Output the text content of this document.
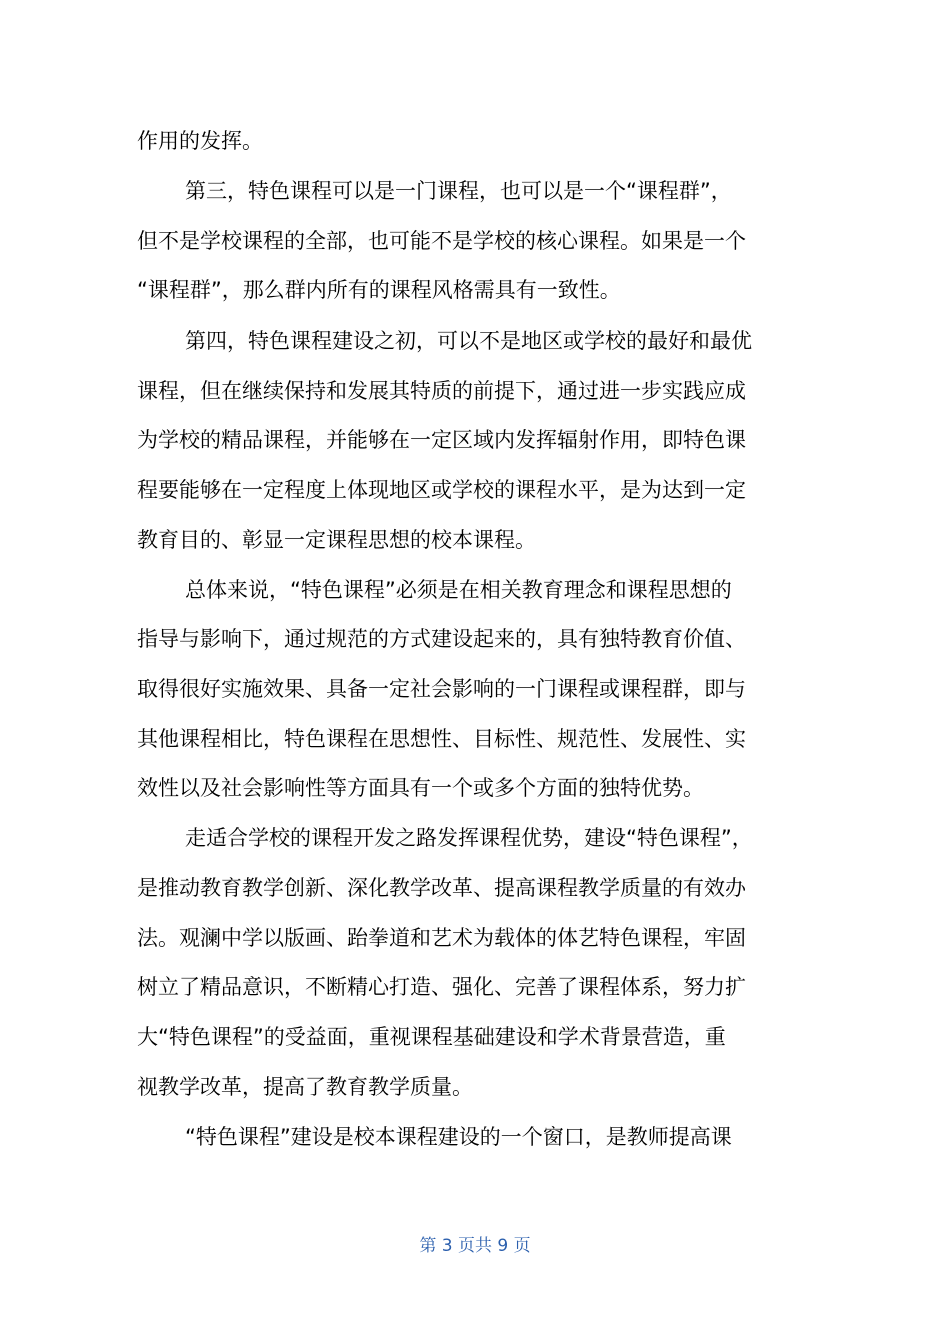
作用的发挥。
第三，特色课程可以是一门课程，也可以是一个“课程群”，
但不是学校课程的全部，也可能不是学校的核心课程。如果是一个
“课程群”，那么群内所有的课程风格需具有一致性。
第四，特色课程建设之初，可以不是地区或学校的最好和最优
课程，但在继续保持和发展其特质的前提下，通过进一步实践应成
为学校的精品课程，并能够在一定区域内发挥辐射作用，即特色课
程要能够在一定程度上体现地区或学校的课程水平，是为达到一定
教育目的、彰显一定课程思想的校本课程。
总体来说，“特色课程”必须是在相关教育理念和课程思想的
指导与影响下，通过规范的方式建设起来的，具有独特教育价值、
取得很好实施效果、具备一定社会影响的一门课程或课程群，即与
其他课程相比，特色课程在思想性、目标性、规范性、发展性、实
效性以及社会影响性等方面具有一个或多个方面的独特优势。
走适合学校的课程开发之路发挥课程优势，建设“特色课程”，
是推动教育教学创新、深化教学改革、提高课程教学质量的有效办
法。观澜中学以版画、跆拳道和艺术为载体的体艺特色课程，牢固
树立了精品意识，不断精心打造、强化、完善了课程体系，努力扩
大“特色课程”的受益面，重视课程基础建设和学术背景营造，重
视教学改革，提高了教育教学质量。
“特色课程”建设是校本课程建设的一个窗口，是教师提高课
第 3 页共 9 页
